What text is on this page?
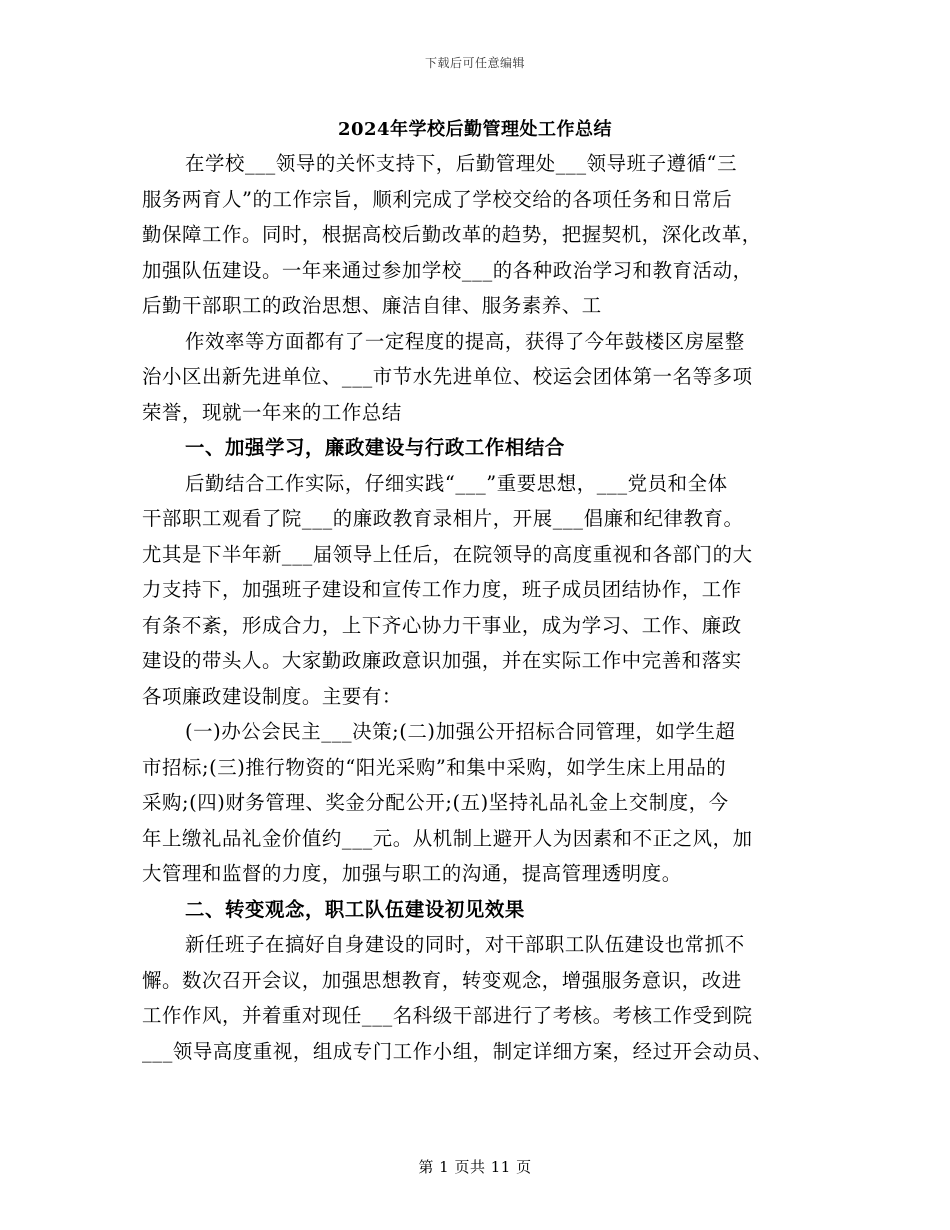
下载后可任意编辑
2024年学校后勤管理处工作总结
在学校___领导的关怀支持下，后勤管理处___领导班子遵循“三
服务两育人”的工作宗旨，顺利完成了学校交给的各项任务和日常后
勤保障工作。同时，根据高校后勤改革的趋势，把握契机，深化改革，
加强队伍建设。一年来通过参加学校___的各种政治学习和教育活动，
后勤干部职工的政治思想、廉洁自律、服务素养、工
作效率等方面都有了一定程度的提高，获得了今年鼓楼区房屋整
治小区出新先进单位、___市节水先进单位、校运会团体第一名等多项
荣誉，现就一年来的工作总结
一、加强学习，廉政建设与行政工作相结合
后勤结合工作实际，仔细实践“___”重要思想，___党员和全体
干部职工观看了院___的廉政教育录相片，开展___倡廉和纪律教育。
尤其是下半年新___届领导上任后，在院领导的高度重视和各部门的大
力支持下，加强班子建设和宣传工作力度，班子成员团结协作，工作
有条不紊，形成合力，上下齐心协力干事业，成为学习、工作、廉政
建设的带头人。大家勤政廉政意识加强，并在实际工作中完善和落实
各项廉政建设制度。主要有：
(一)办公会民主___决策;(二)加强公开招标合同管理，如学生超
市招标;(三)推行物资的“阳光采购”和集中采购，如学生床上用品的
采购;(四)财务管理、奖金分配公开;(五)坚持礼品礼金上交制度，今
年上缴礼品礼金价值约___元。从机制上避开人为因素和不正之风，加
大管理和监督的力度，加强与职工的沟通，提高管理透明度。
二、转变观念，职工队伍建设初见效果
新任班子在搞好自身建设的同时，对干部职工队伍建设也常抓不
懈。数次召开会议，加强思想教育，转变观念，增强服务意识，改进
工作作风，并着重对现任___名科级干部进行了考核。考核工作受到院
___领导高度重视，组成专门工作小组，制定详细方案，经过开会动员、
第 1 页共 11 页
